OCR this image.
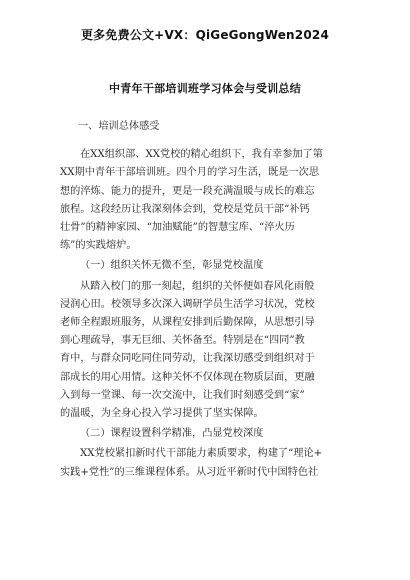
更多免费公文+VX：QiGeGongWen2024
中青年干部培训班学习体会与受训总结
一、培训总体感受
在XX组织部、XX党校的精心组织下，我有幸参加了第
XX期中青年干部培训班。四个月的学习生活，既是一次思
想的淬炼、能力的提升，更是一段充满温暖与成长的难忘
旅程。这段经历让我深刻体会到，党校是党员干部“补钙
壮骨”的精神家园、“加油赋能”的智慧宝库、“淬火历
练”的实践熔炉。
（一）组织关怀无微不至，彰显党校温度
从踏入校门的那一刻起，组织的关怀便如春风化雨般
浸润心田。校领导多次深入调研学员生活学习状况，党校
老师全程跟班服务，从课程安排到后勤保障，从思想引导
到心理疏导，事无巨细、关怀备至。特别是在“四同”教
育中，与群众同吃同住同劳动，让我深切感受到组织对于
部成长的用心用情。这种关怀不仅体现在物质层面，更融
入到每一堂课、每一次交流中，让我们时刻感受到“家”
的温暖，为全身心投入学习提供了坚实保障。
（二）课程设置科学精准，凸显党校深度
XX党校紧扣新时代干部能力素质要求，构建了“理论+
实践+党性”的三维课程体系。从习近平新时代中国特色社
